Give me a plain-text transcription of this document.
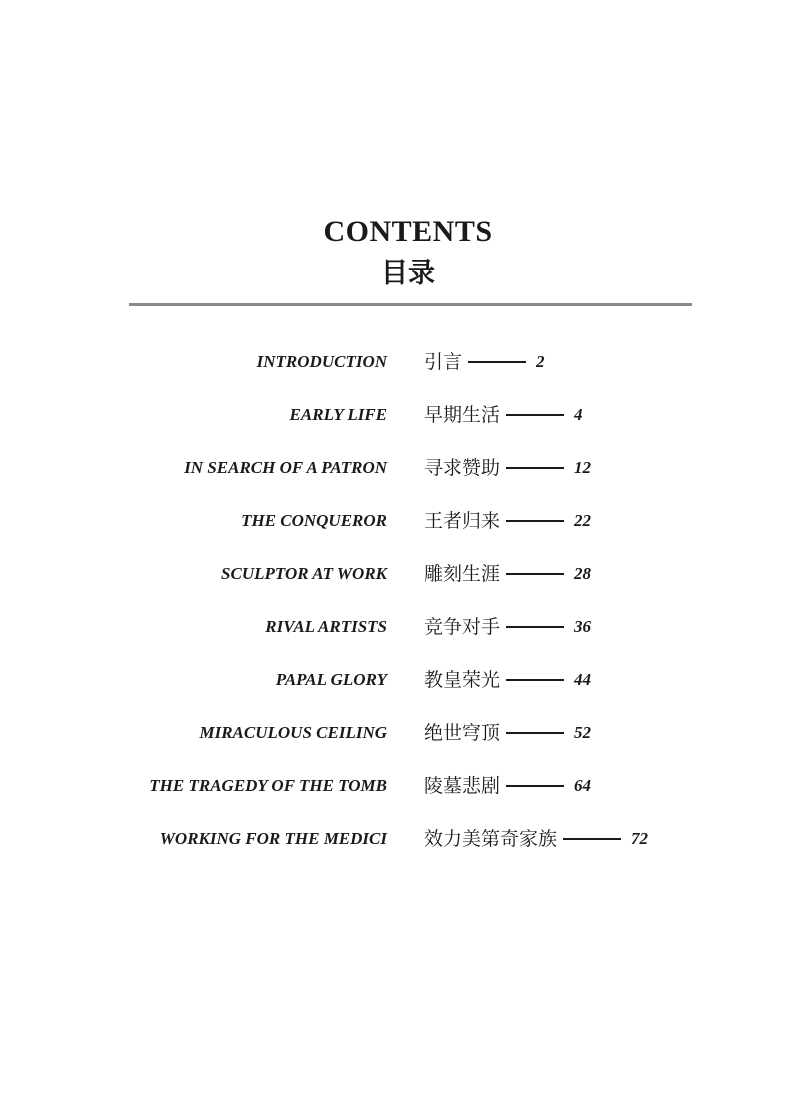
CONTENTS
目录
INTRODUCTION 引言	2
EARLY LIFE 早期生活	4
IN SEARCH OF A PATRON 寻求赞助	12
THE CONQUEROR 王者归来	22
SCULPTOR AT WORK 雕刻生涯	28
RIVAL ARTISTS 竞争对手	36
PAPAL GLORY 教皇荣光	44
MIRACULOUS CEILING 绝世穹顶	52
THE TRAGEDY OF THE TOMB 陵墓悲剧	64
WORKING FOR THE MEDICI 效力美第奇家族	72
